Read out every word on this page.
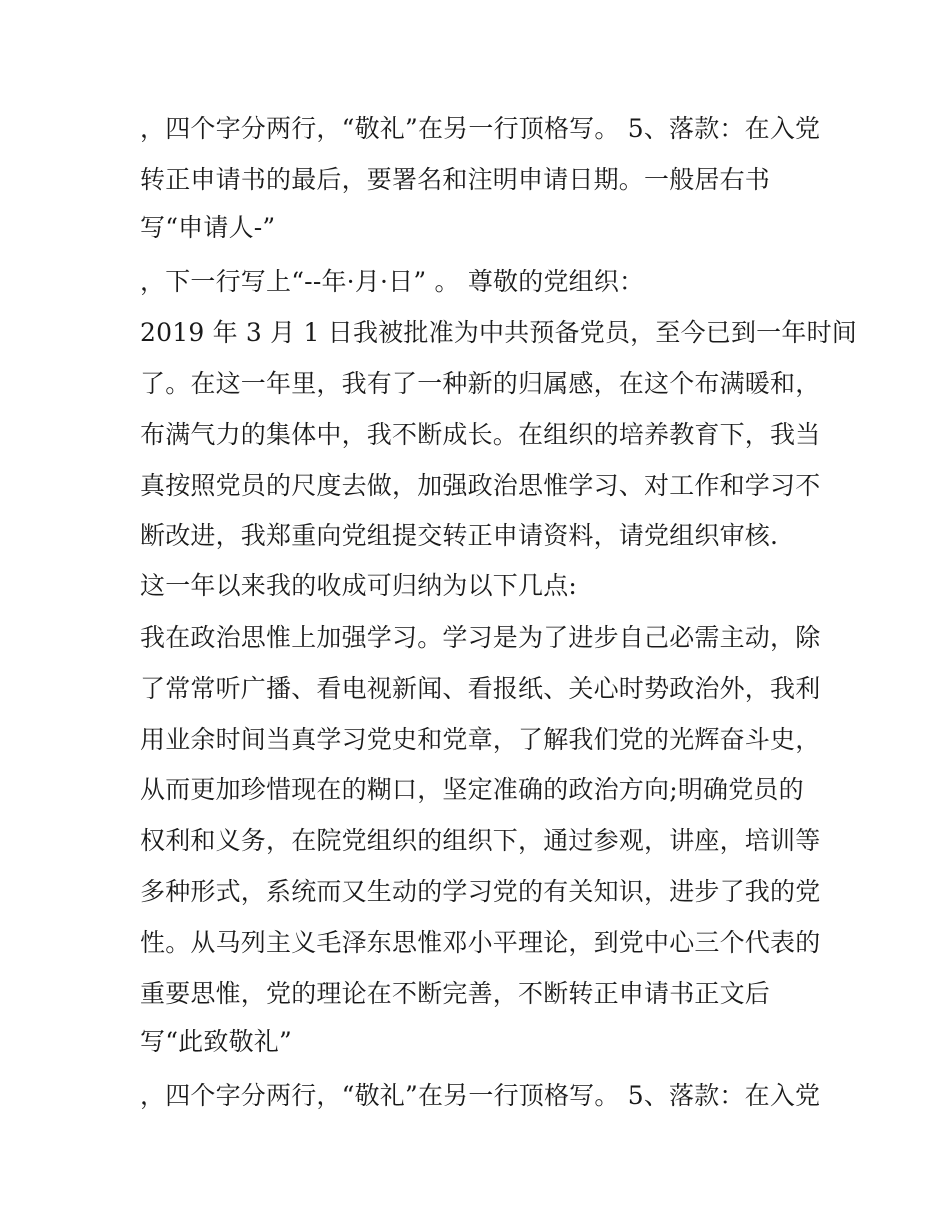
，四个字分两行，“敬礼”在另一行顶格写。 5、落款：在入党
转正申请书的最后，要署名和注明申请日期。一般居右书
写“申请人-”
，下一行写上“--年·月·日” 。 尊敬的党组织：
2019 年 3 月 1 日我被批准为中共预备党员，至今已到一年时间
了。在这一年里，我有了一种新的归属感，在这个布满暖和，
布满气力的集体中，我不断成长。在组织的培养教育下，我当
真按照党员的尺度去做，加强政治思惟学习、对工作和学习不
断改进，我郑重向党组提交转正申请资料，请党组织审核.
这一年以来我的收成可归纳为以下几点:
我在政治思惟上加强学习。学习是为了进步自己必需主动，除
了常常听广播、看电视新闻、看报纸、关心时势政治外，我利
用业余时间当真学习党史和党章，了解我们党的光辉奋斗史，
从而更加珍惜现在的糊口，坚定准确的政治方向;明确党员的
权利和义务，在院党组织的组织下，通过参观，讲座，培训等
多种形式，系统而又生动的学习党的有关知识，进步了我的党
性。从马列主义毛泽东思惟邓小平理论，到党中心三个代表的
重要思惟，党的理论在不断完善，不断转正申请书正文后
写“此致敬礼”
，四个字分两行，“敬礼”在另一行顶格写。 5、落款：在入党
